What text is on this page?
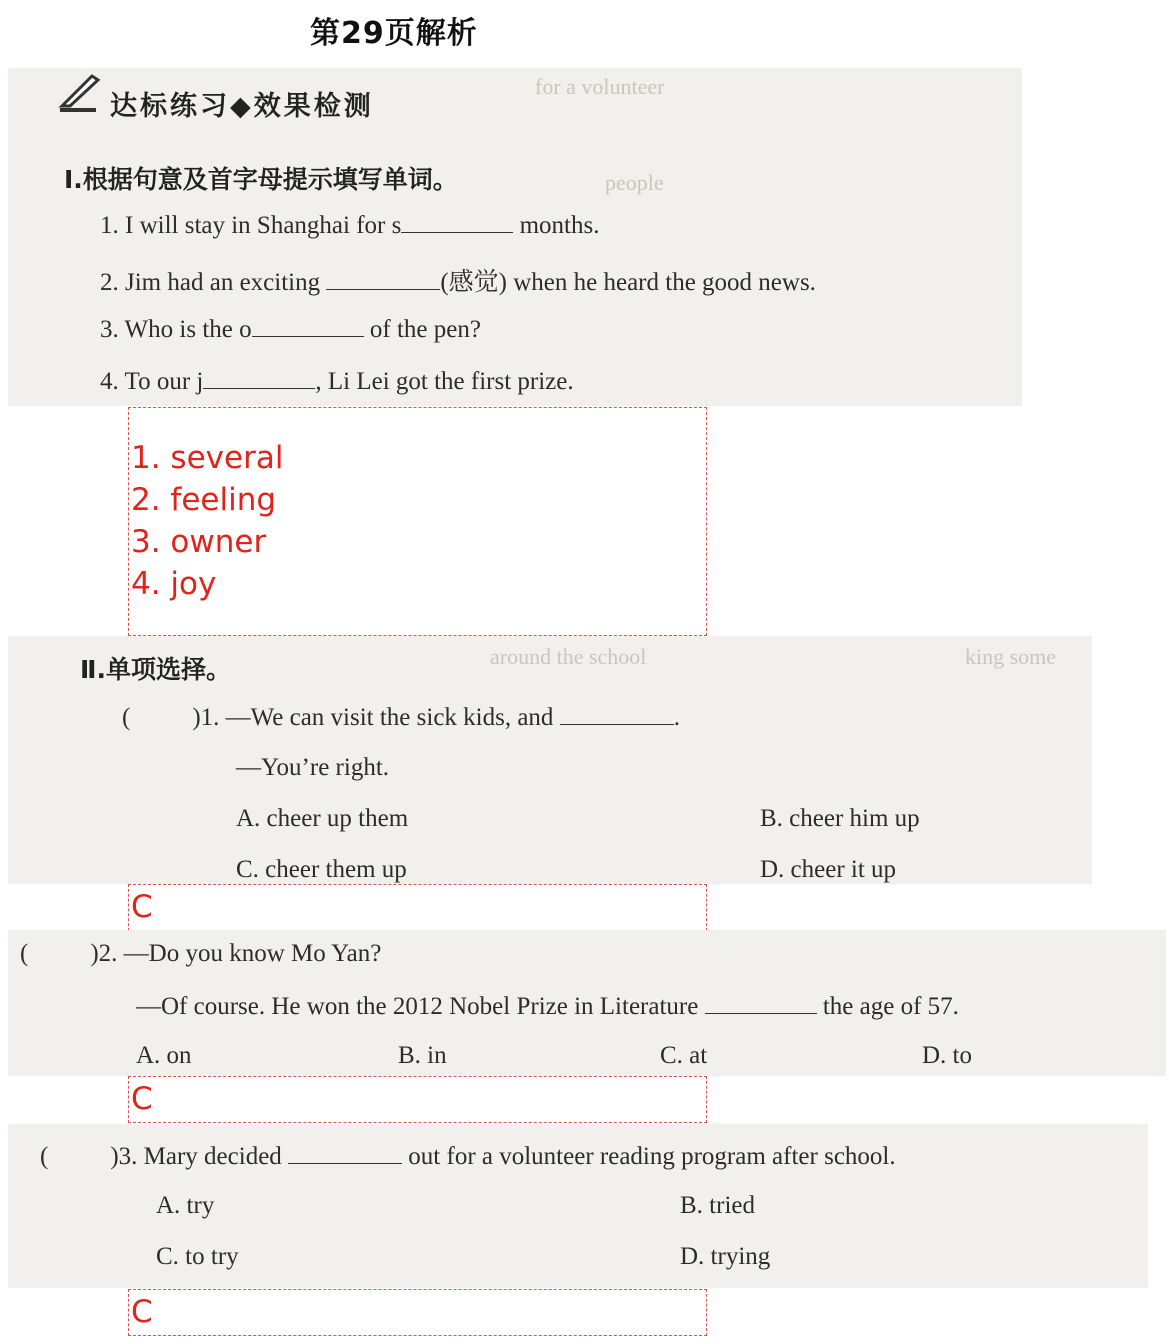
第29页解析
for a volunteer
people
达标练习◆效果检测
Ⅰ.根据句意及首字母提示填写单词。
1. I will stay in Shanghai for s	months.
2. Jim had an exciting	(感觉) when he heard the good news.
3. Who is the o	of the pen?
4. To our j	, Li Lei got the first prize.
1. several
2. feeling
3. owner
4. joy
king some
around the school
Ⅱ.单项选择。
( )1. —We can visit the sick kids, and	.
—You’re right.
A. cheer up them	B. cheer him up
C. cheer them up	D. cheer it up
C
( )2. —Do you know Mo Yan?
—Of course. He won the 2012 Nobel Prize in Literature	the age of 57.
A. on	B. in	C. at	D. to
C
( )3. Mary decided	out for a volunteer reading program after school.
A. try	B. tried
C. to try	D. trying
C
